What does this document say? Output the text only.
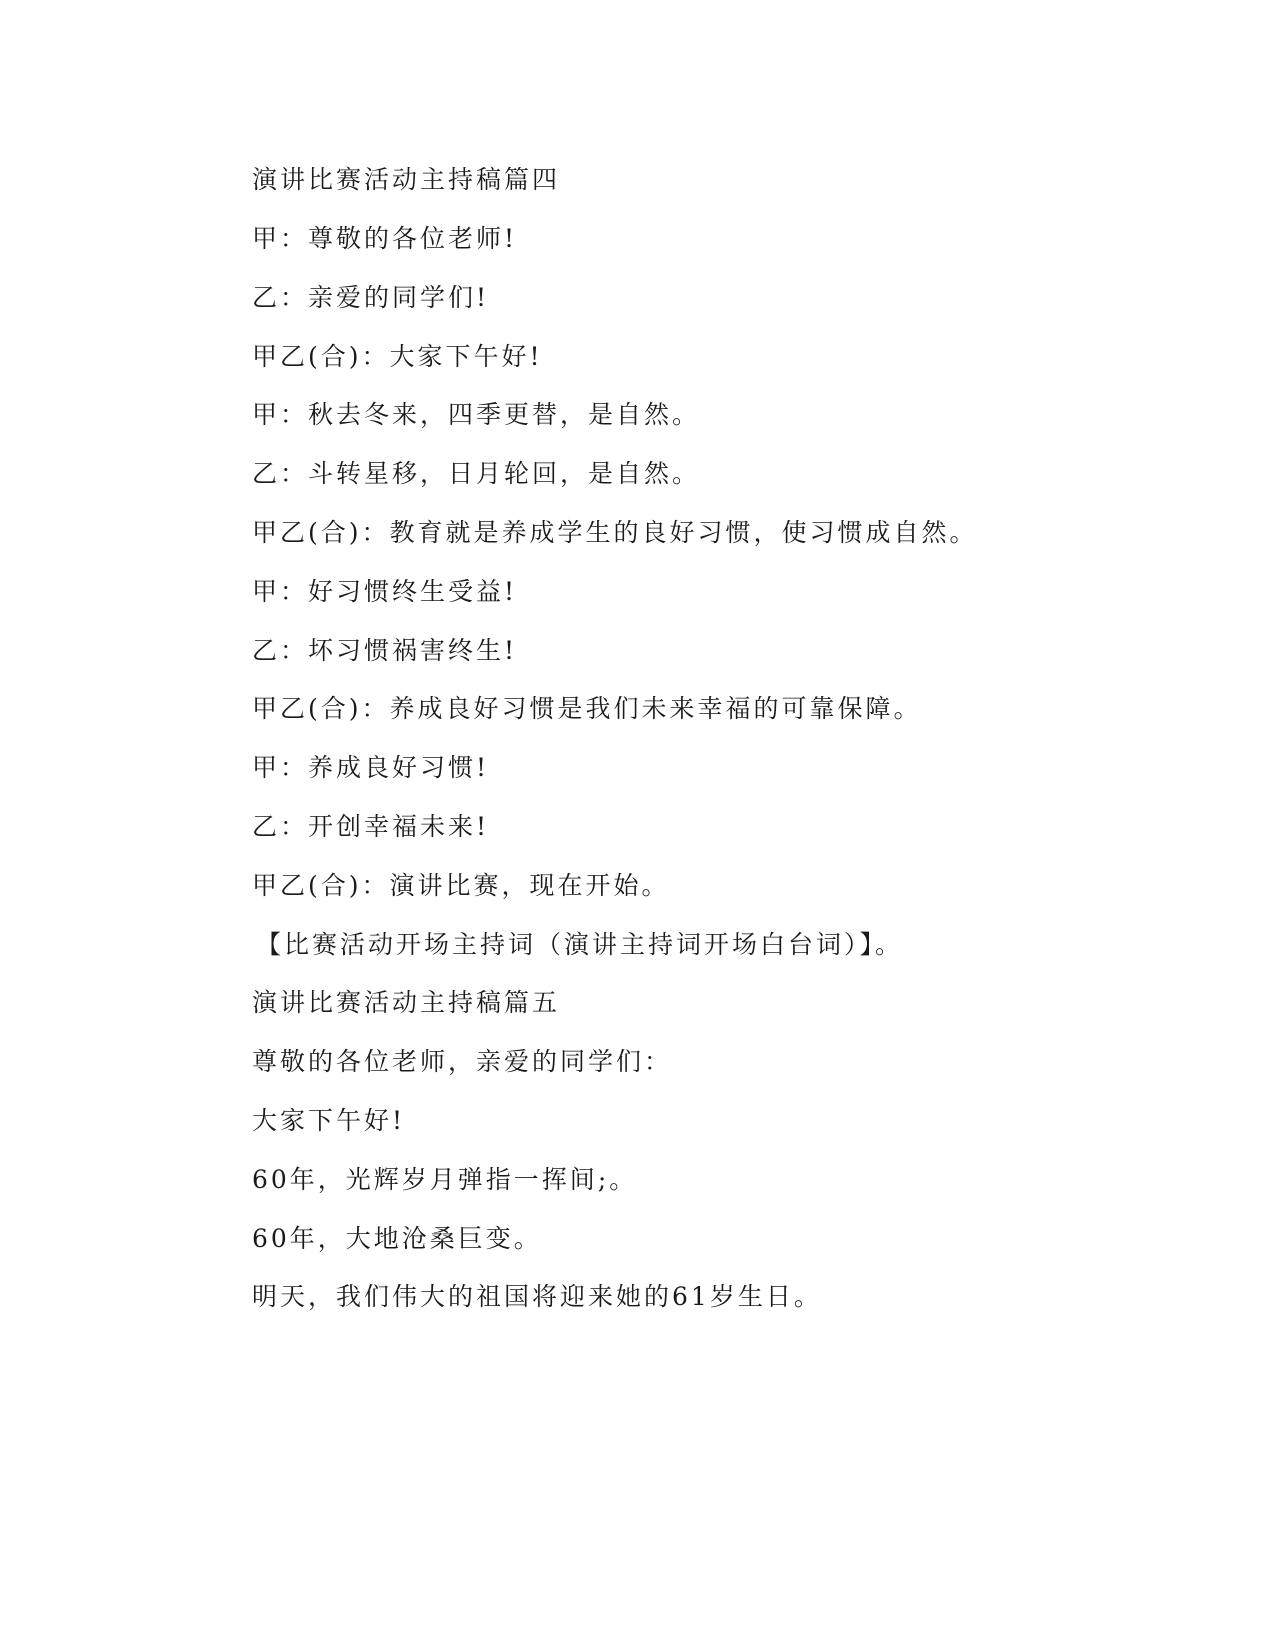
演讲比赛活动主持稿篇四

甲：尊敬的各位老师!

乙：亲爱的同学们!

甲乙(合)：大家下午好!

甲：秋去冬来，四季更替，是自然。

乙：斗转星移，日月轮回，是自然。

甲乙(合)：教育就是养成学生的良好习惯，使习惯成自然。

甲：好习惯终生受益!

乙：坏习惯祸害终生!

甲乙(合)：养成良好习惯是我们未来幸福的可靠保障。

甲：养成良好习惯!

乙：开创幸福未来!

甲乙(合)：演讲比赛，现在开始。

【比赛活动开场主持词（演讲主持词开场白台词）】。

演讲比赛活动主持稿篇五

尊敬的各位老师，亲爱的同学们：

大家下午好!

60年，光辉岁月弹指一挥间;。

60年，大地沧桑巨变。

明天，我们伟大的祖国将迎来她的61岁生日。
